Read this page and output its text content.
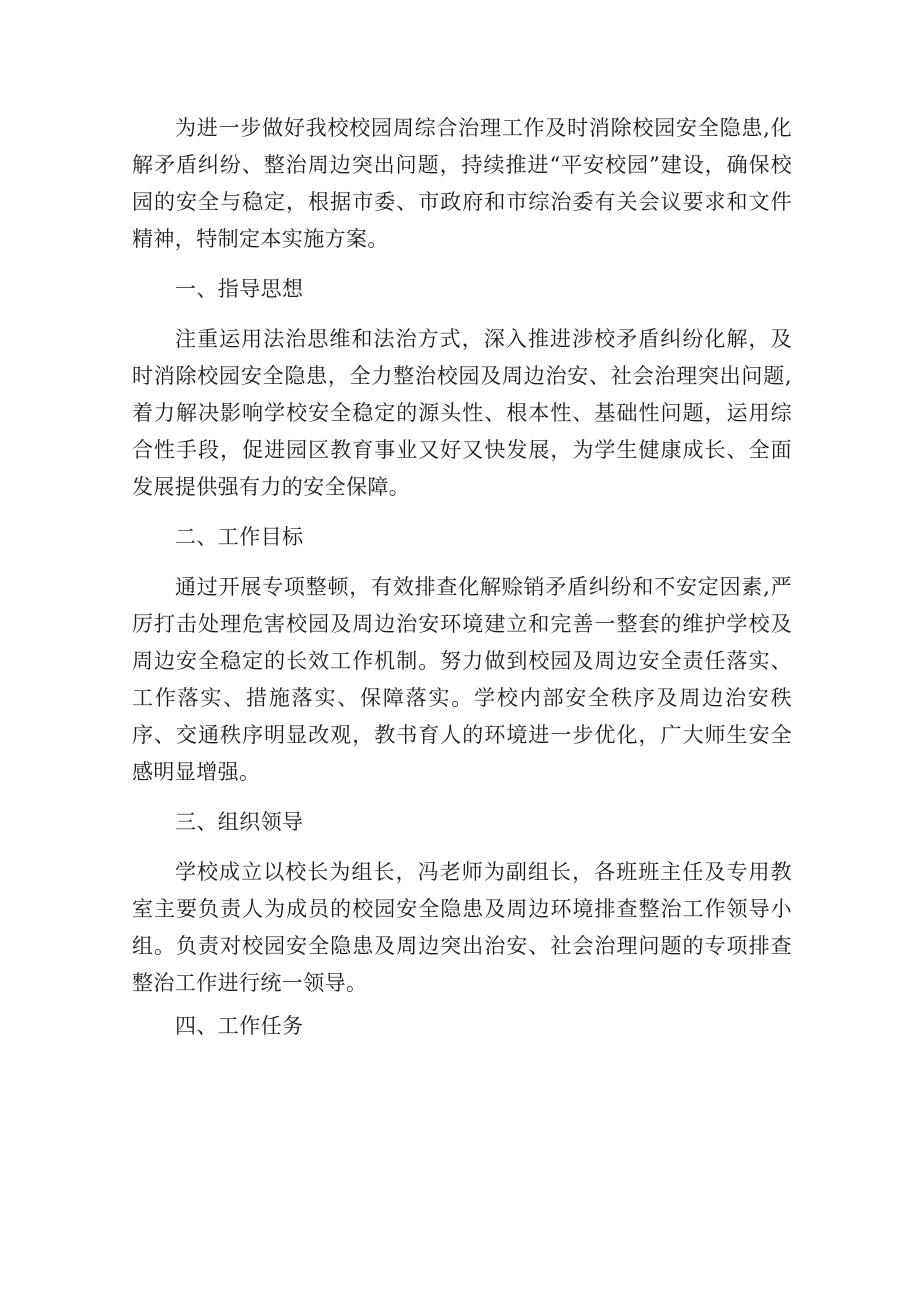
为进一步做好我校校园周综合治理工作及时消除校园安全隐患,化解矛盾纠纷、整治周边突出问题，持续推进“平安校园”建设，确保校园的安全与稳定，根据市委、市政府和市综治委有关会议要求和文件精神，特制定本实施方案。

一、指导思想

注重运用法治思维和法治方式，深入推进涉校矛盾纠纷化解，及时消除校园安全隐患，全力整治校园及周边治安、社会治理突出问题,着力解决影响学校安全稳定的源头性、根本性、基础性问题，运用综合性手段，促进园区教育事业又好又快发展，为学生健康成长、全面发展提供强有力的安全保障。

二、工作目标

通过开展专项整顿，有效排查化解赊销矛盾纠纷和不安定因素,严厉打击处理危害校园及周边治安环境建立和完善一整套的维护学校及周边安全稳定的长效工作机制。努力做到校园及周边安全责任落实、工作落实、措施落实、保障落实。学校内部安全秩序及周边治安秩序、交通秩序明显改观，教书育人的环境进一步优化，广大师生安全感明显增强。

三、组织领导

学校成立以校长为组长，冯老师为副组长，各班班主任及专用教室主要负责人为成员的校园安全隐患及周边环境排查整治工作领导小组。负责对校园安全隐患及周边突出治安、社会治理问题的专项排查整治工作进行统一领导。

四、工作任务
